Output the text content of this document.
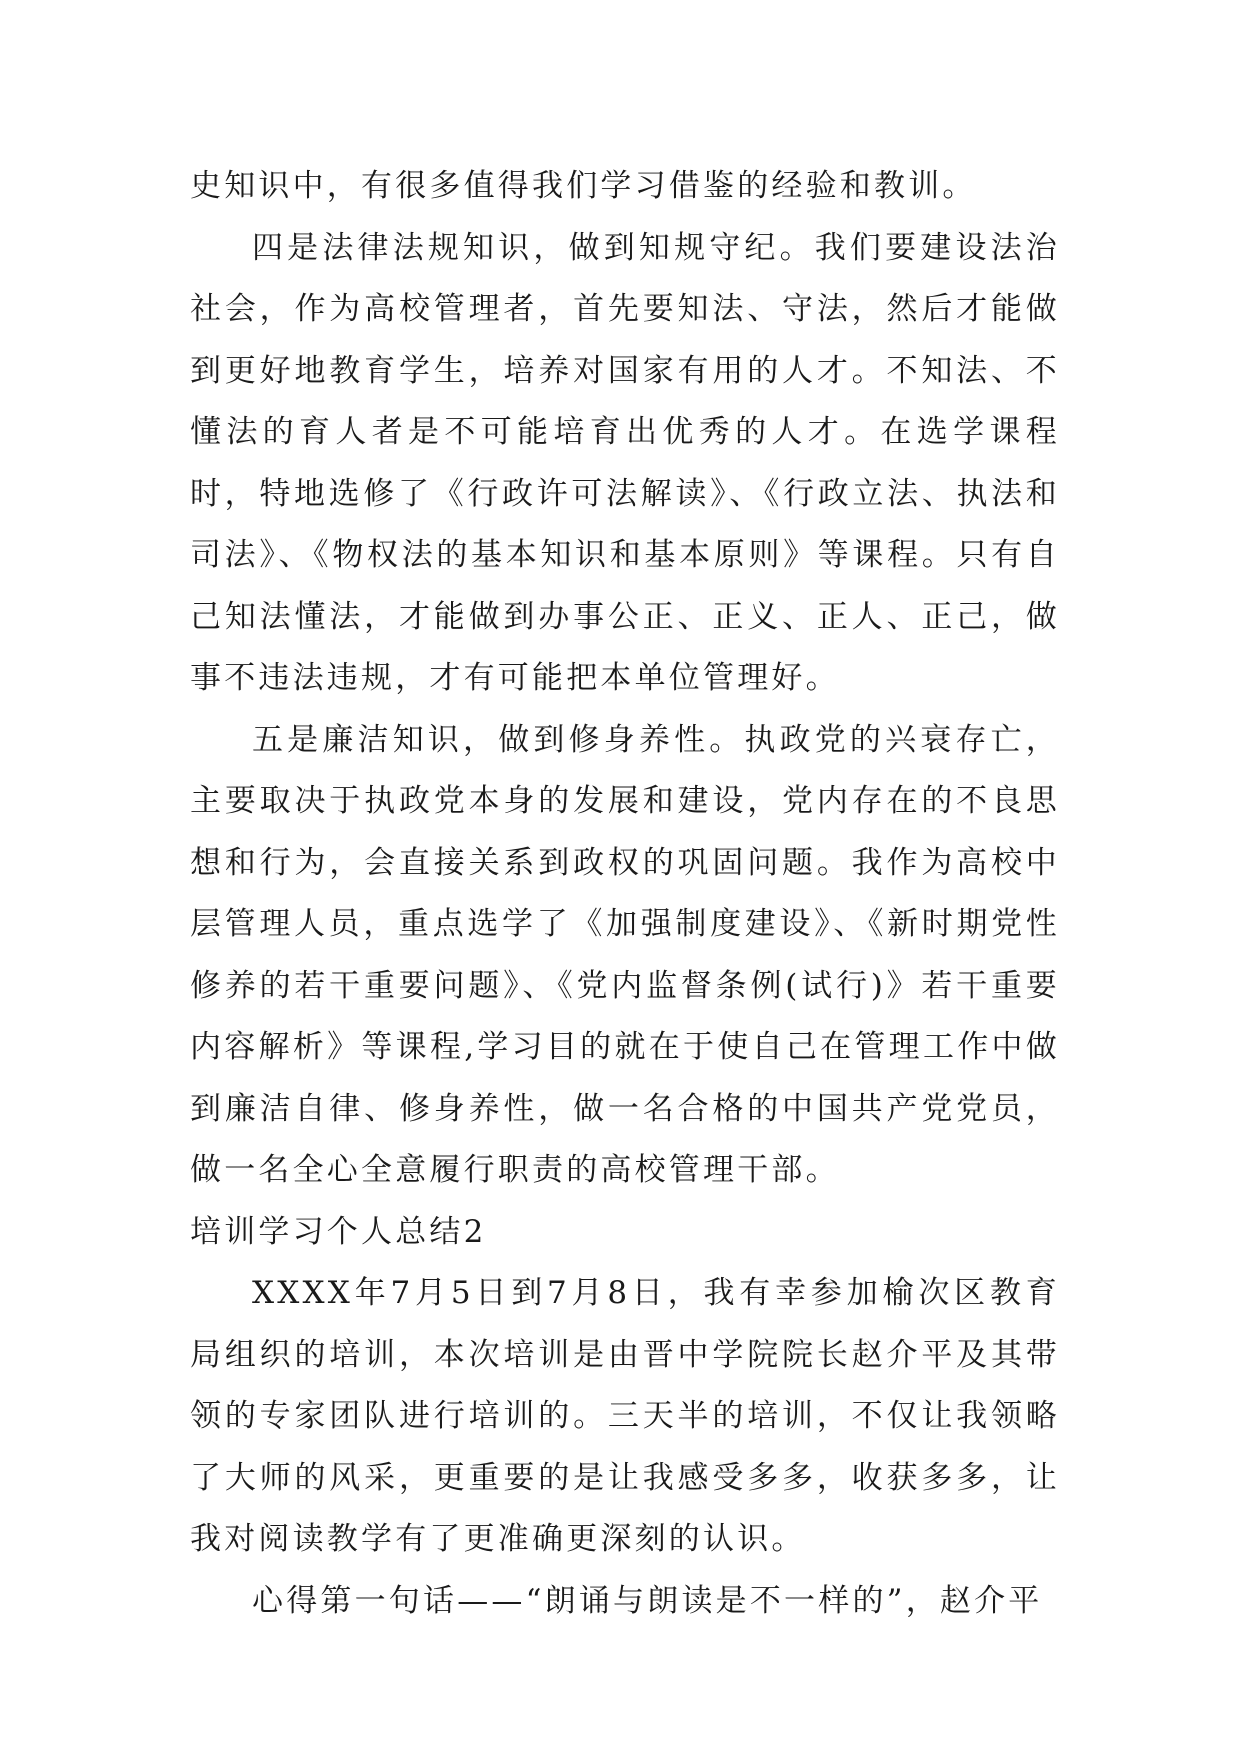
史知识中，有很多值得我们学习借鉴的经验和教训。

四是法律法规知识，做到知规守纪。我们要建设法治社会，作为高校管理者，首先要知法、守法，然后才能做到更好地教育学生，培养对国家有用的人才。不知法、不懂法的育人者是不可能培育出优秀的人才。在选学课程时，特地选修了《行政许可法解读》、《行政立法、执法和司法》、《物权法的基本知识和基本原则》等课程。只有自己知法懂法，才能做到办事公正、正义、正人、正己，做事不违法违规，才有可能把本单位管理好。

五是廉洁知识，做到修身养性。执政党的兴衰存亡，主要取决于执政党本身的发展和建设，党内存在的不良思想和行为，会直接关系到政权的巩固问题。我作为高校中层管理人员，重点选学了《加强制度建设》、《新时期党性修养的若干重要问题》、《党内监督条例(试行)》若干重要内容解析》等课程,学习目的就在于使自己在管理工作中做到廉洁自律、修身养性，做一名合格的中国共产党党员，做一名全心全意履行职责的高校管理干部。

培训学习个人总结2

XXXX年7月5日到7月8日，我有幸参加榆次区教育局组织的培训，本次培训是由晋中学院院长赵介平及其带领的专家团队进行培训的。三天半的培训，不仅让我领略了大师的风采，更重要的是让我感受多多，收获多多，让我对阅读教学有了更准确更深刻的认识。

心得第一句话——“朗诵与朗读是不一样的”，赵介平
